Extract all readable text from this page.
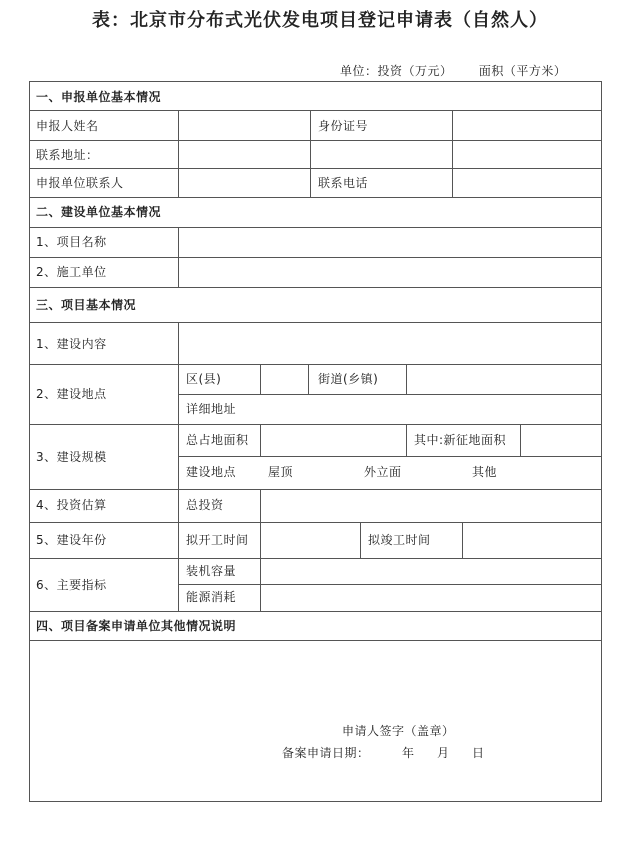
表：北京市分布式光伏发电项目登记申请表（自然人）
单位：投资（万元） 面积（平方米）
一、申报单位基本情况
申报人姓名	身份证号
联系地址：
申报单位联系人	联系电话
二、建设单位基本情况
1、项目名称
2、施工单位
三、项目基本情况
1、建设内容
2、建设地点
区(县)	街道(乡镇)
详细地址
3、建设规模
总占地面积	其中:新征地面积
建设地点	屋顶	外立面	其他
4、投资估算	总投资
5、建设年份	拟开工时间	拟竣工时间
6、主要指标
装机容量
能源消耗
四、项目备案申请单位其他情况说明
申请人签字（盖章）
备案申请日期：	年 月 日
